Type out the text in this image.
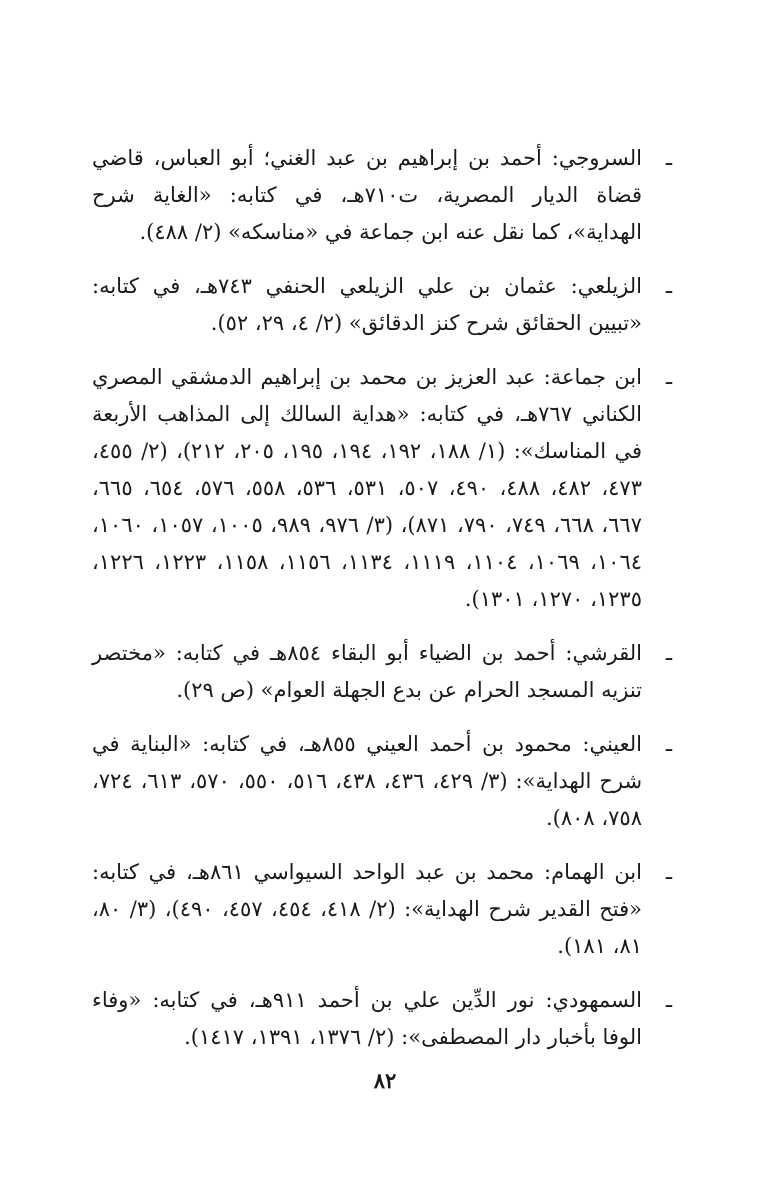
ـ
السروجي: أحمد بن إبراهيم بن عبد الغني؛ أبو العباس، قاضي قضاة الديار المصرية، ت٧١٠هـ، في كتابه: «الغاية شرح الهداية»، كما نقل عنه ابن جماعة في «مناسكه» (٢/ ٤٨٨).
ـ
الزيلعي: عثمان بن علي الزيلعي الحنفي ٧٤٣هـ، في كتابه: «تبيين الحقائق شرح كنز الدقائق» (٢/ ٤، ٢٩، ٥٢).
ـ
ابن جماعة: عبد العزيز بن محمد بن إبراهيم الدمشقي المصري الكناني ٧٦٧هـ، في كتابه: «هداية السالك إلى المذاهب الأربعة في المناسك»: (١/ ١٨٨، ١٩٢، ١٩٤، ١٩٥، ٢٠٥، ٢١٢)، (٢/ ٤٥٥، ٤٧٣، ٤٨٢، ٤٨٨، ٤٩٠، ٥٠٧، ٥٣١، ٥٣٦، ٥٥٨، ٥٧٦، ٦٥٤، ٦٦٥، ٦٦٧، ٦٦٨، ٧٤٩، ٧٩٠، ٨٧١)، (٣/ ٩٧٦، ٩٨٩، ١٠٠٥، ١٠٥٧، ١٠٦٠، ١٠٦٤، ١٠٦٩، ١١٠٤، ١١١٩، ١١٣٤، ١١٥٦، ١١٥٨، ١٢٢٣، ١٢٢٦، ١٢٣٥، ١٢٧٠، ١٣٠١).
ـ
القرشي: أحمد بن الضياء أبو البقاء ٨٥٤هـ في كتابه: «مختصر تنزيه المسجد الحرام عن بدع الجهلة العوام» (ص ٢٩).
ـ
العيني: محمود بن أحمد العيني ٨٥٥هـ، في كتابه: «البناية في شرح الهداية»: (٣/ ٤٢٩، ٤٣٦، ٤٣٨، ٥١٦، ٥٥٠، ٥٧٠، ٦١٣، ٧٢٤، ٧٥٨، ٨٠٨).
ـ
ابن الهمام: محمد بن عبد الواحد السيواسي ٨٦١هـ، في كتابه: «فتح القدير شرح الهداية»: (٢/ ٤١٨، ٤٥٤، ٤٥٧، ٤٩٠)، (٣/ ٨٠، ٨١، ١٨١).
ـ
السمهودي: نور الدِّين علي بن أحمد ٩١١هـ، في كتابه: «وفاء الوفا بأخبار دار المصطفى»: (٢/ ١٣٧٦، ١٣٩١، ١٤١٧).
٨٢
